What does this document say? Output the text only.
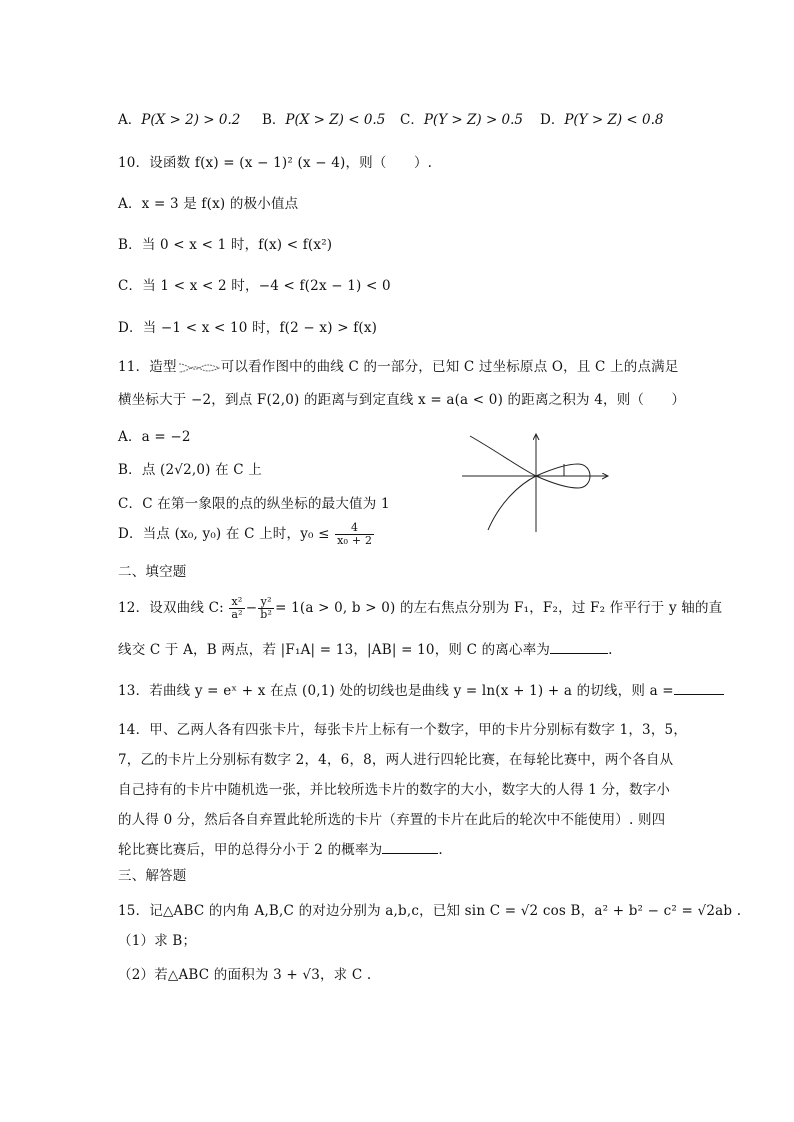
A．P(X > 2) > 0.2 B．P(X > Z) < 0.5 C．P(Y > Z) > 0.5 D．P(Y > Z) < 0.8
10．设函数 f(x) = (x − 1)² (x − 4)，则（　　）.
A．x = 3 是 f(x) 的极小值点
B．当 0 < x < 1 时，f(x) < f(x²)
C．当 1 < x < 2 时，−4 < f(2x − 1) < 0
D．当 −1 < x < 10 时，f(2 − x) > f(x)
11．造型	可以看作图中的曲线 C 的一部分，已知 C 过坐标原点 O，且 C 上的点满足
横坐标大于 −2，到点 F(2,0) 的距离与到定直线 x = a(a < 0) 的距离之积为 4，则（　　）
A．a = −2
B．点 (2√2,0) 在 C 上
C．C 在第一象限的点的纵坐标的最大值为 1
D．当点 (x₀, y₀) 在 C 上时，$y_0 \le \frac{4}{\text{x₀ + 2}}$
二、填空题
12．设双曲线 C: $\frac{\text{x²}}{\text{a²}} - \frac{\text{y²}}{\text{b²}} = 1(a > 0$, b > 0) 的左右焦点分别为 F₁，F₂，过 F₂ 作平行于 y 轴的直
线交 C 于 A，B 两点，若 |F₁A| = 13，|AB| = 10，则 C 的离心率为	.
13．若曲线 y = eˣ + x 在点 (0,1) 处的切线也是曲线 y = ln(x + 1) + a 的切线，则 a =
14．甲、乙两人各有四张卡片，每张卡片上标有一个数字，甲的卡片分别标有数字 1，3，5，
7，乙的卡片上分别标有数字 2，4，6，8，两人进行四轮比赛，在每轮比赛中，两个各自从
自己持有的卡片中随机选一张，并比较所选卡片的数字的大小，数字大的人得 1 分，数字小
的人得 0 分，然后各自弃置此轮所选的卡片（弃置的卡片在此后的轮次中不能使用）. 则四
轮比赛比赛后，甲的总得分小于 2 的概率为	.
三、解答题
15．记△ABC 的内角 A,B,C 的对边分别为 a,b,c，已知 sin C = √2 cos B，a² + b² − c² = √2ab .
（1）求 B；
（2）若△ABC 的面积为 3 + √3，求 C .
